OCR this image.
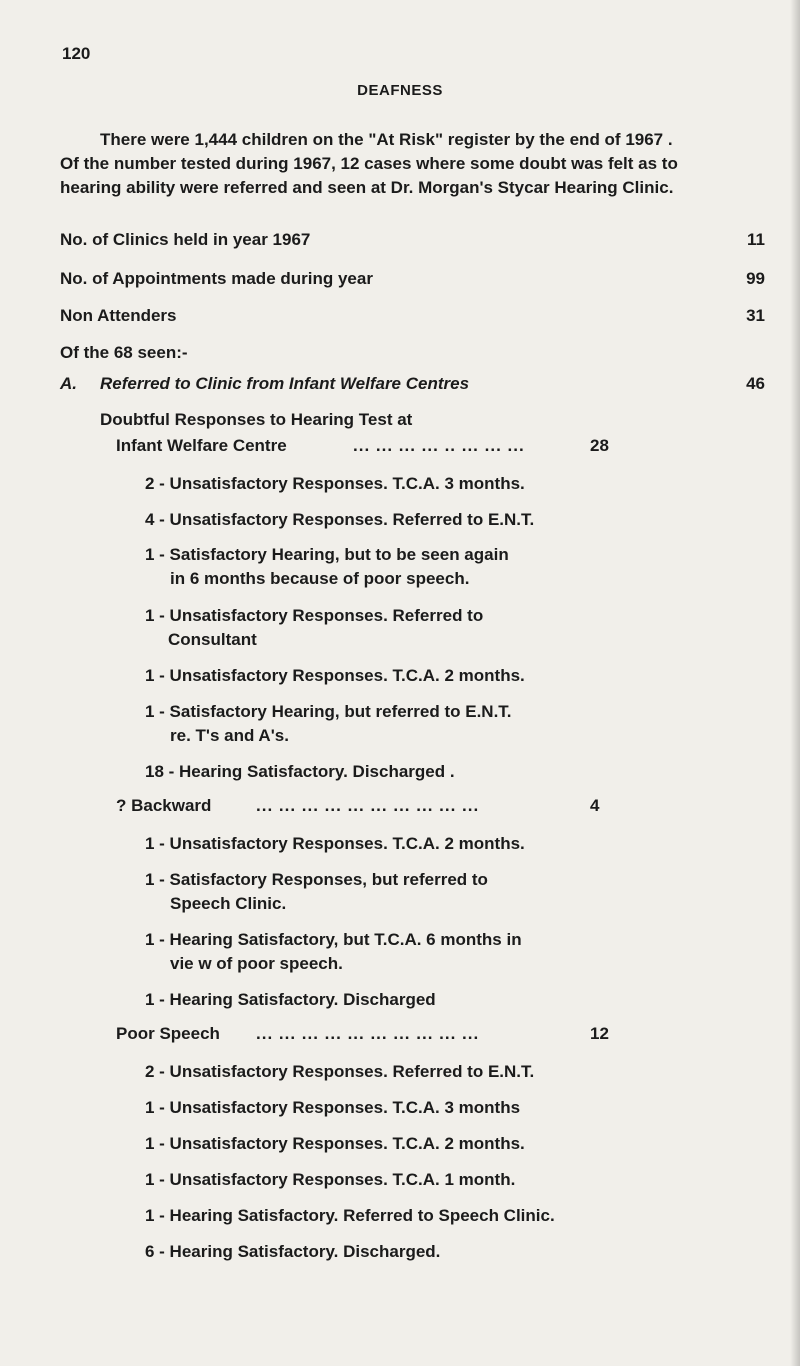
120
DEAFNESS
There were 1,444 children on the "At Risk" register by the end of 1967 .
Of the number tested during 1967, 12 cases where some doubt was felt as to
hearing ability were referred and seen at Dr. Morgan's Stycar Hearing Clinic.
No. of Clinics held in year 1967	11
No. of Appointments made during year	99
Non Attenders	31
Of the 68 seen:-
A. Referred to Clinic from Infant Welfare Centres	46
Doubtful Responses to Hearing Test at
Infant Welfare Centre	... ... ... ... .. ... ... ...	28
2 - Unsatisfactory Responses. T.C.A. 3 months.
4 - Unsatisfactory Responses. Referred to E.N.T.
1 - Satisfactory Hearing, but to be seen again
in 6 months because of poor speech.
1 - Unsatisfactory Responses. Referred to
Consultant
1 - Unsatisfactory Responses. T.C.A. 2 months.
1 - Satisfactory Hearing, but referred to E.N.T.
re. T's and A's.
18 - Hearing Satisfactory. Discharged .
? Backward	... ... ... ... ... ... ... ... ... ...	4
1 - Unsatisfactory Responses. T.C.A. 2 months.
1 - Satisfactory Responses, but referred to
Speech Clinic.
1 - Hearing Satisfactory, but T.C.A. 6 months in
vie w of poor speech.
1 - Hearing Satisfactory. Discharged
Poor Speech ... ... ... ... ... ... ... ... ... ...	12
2 - Unsatisfactory Responses. Referred to E.N.T.
1 - Unsatisfactory Responses. T.C.A. 3 months
1 - Unsatisfactory Responses. T.C.A. 2 months.
1 - Unsatisfactory Responses. T.C.A. 1 month.
1 - Hearing Satisfactory. Referred to Speech Clinic.
6 - Hearing Satisfactory. Discharged.
